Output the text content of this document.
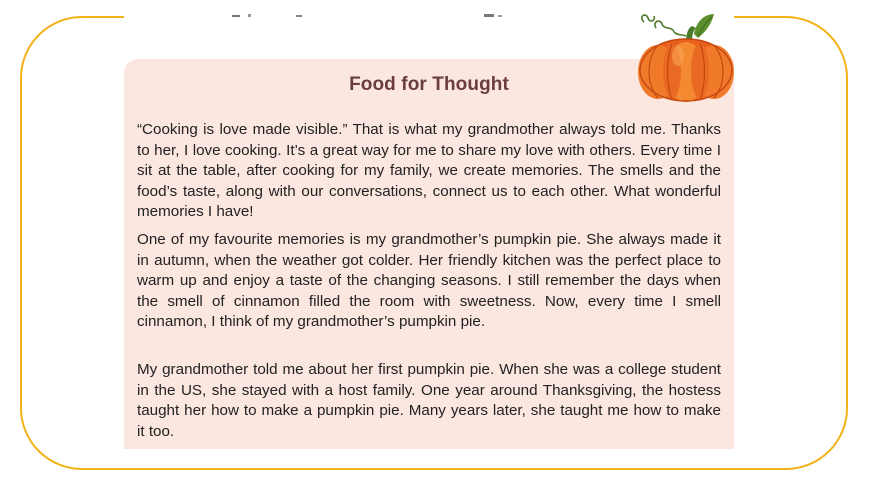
Food for Thought

“Cooking is love made visible.” That is what my grandmother always told me. Thanks to her, I love cooking. It’s a great way for me to share my love with others. Every time I sit at the table, after cooking for my family, we create memories. The smells and the food’s taste, along with our conversations, connect us to each other. What wonderful memories I have!

One of my favourite memories is my grandmother’s pumpkin pie. She always made it in autumn, when the weather got colder. Her friendly kitchen was the perfect place to warm up and enjoy a taste of the changing seasons. I still remember the days when the smell of cinnamon filled the room with sweetness. Now, every time I smell cinnamon, I think of my grandmother’s pumpkin pie.

My grandmother told me about her first pumpkin pie. When she was a college student in the US, she stayed with a host family. One year around Thanksgiving, the hostess taught her how to make a pumpkin pie. Many years later, she taught me how to make it too.
